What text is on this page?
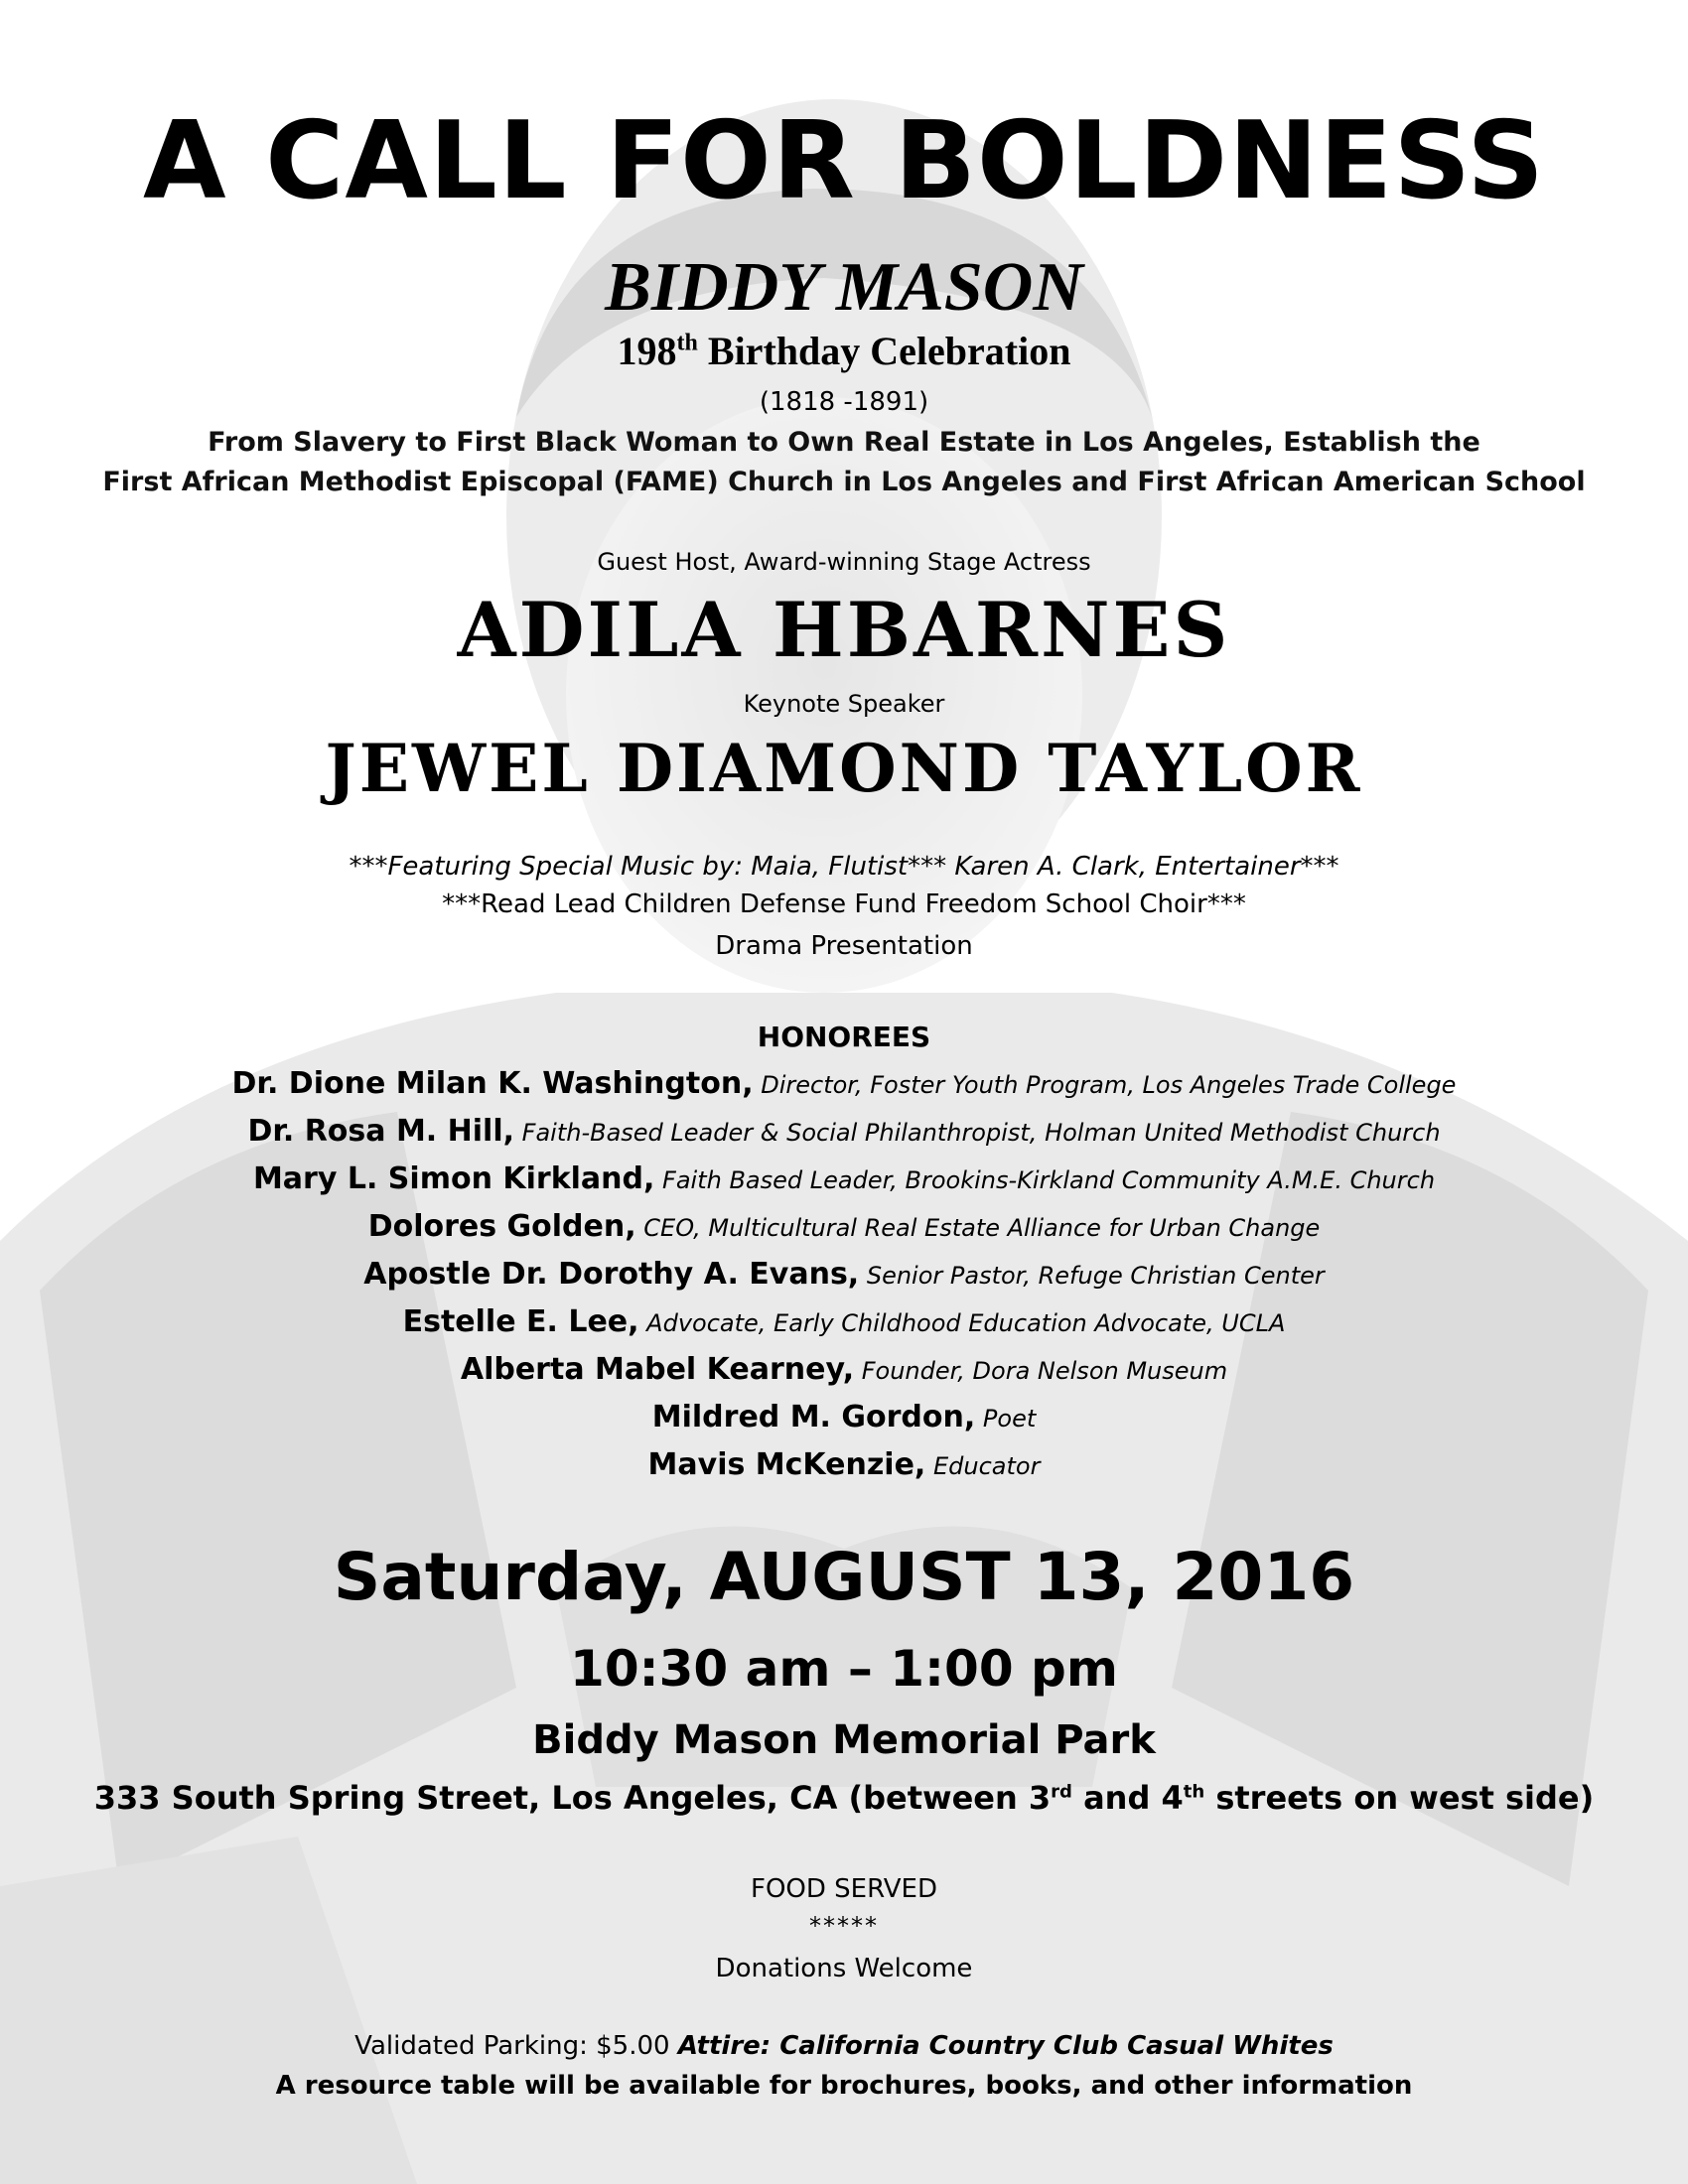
A CALL FOR BOLDNESS
BIDDY MASON
198th Birthday Celebration
(1818 -1891)
From Slavery to First Black Woman to Own Real Estate in Los Angeles, Establish the
First African Methodist Episcopal (FAME) Church in Los Angeles and First African American School
Guest Host, Award-winning Stage Actress
ADILA HBARNES
Keynote Speaker
JEWEL DIAMOND TAYLOR
***Featuring Special Music by: Maia, Flutist*** Karen A. Clark, Entertainer***
***Read Lead Children Defense Fund Freedom School Choir***
Drama Presentation
HONOREES
Dr. Dione Milan K. Washington, Director, Foster Youth Program, Los Angeles Trade College
Dr. Rosa M. Hill, Faith-Based Leader & Social Philanthropist, Holman United Methodist Church
Mary L. Simon Kirkland, Faith Based Leader, Brookins-Kirkland Community A.M.E. Church
Dolores Golden, CEO, Multicultural Real Estate Alliance for Urban Change
Apostle Dr. Dorothy A. Evans, Senior Pastor, Refuge Christian Center
Estelle E. Lee, Advocate, Early Childhood Education Advocate, UCLA
Alberta Mabel Kearney, Founder, Dora Nelson Museum
Mildred M. Gordon, Poet
Mavis McKenzie, Educator
Saturday, AUGUST 13, 2016
10:30 am – 1:00 pm
Biddy Mason Memorial Park
333 South Spring Street, Los Angeles, CA (between 3rd and 4th streets on west side)
FOOD SERVED
*****
Donations Welcome
Validated Parking: $5.00 Attire: California Country Club Casual Whites
A resource table will be available for brochures, books, and other information
